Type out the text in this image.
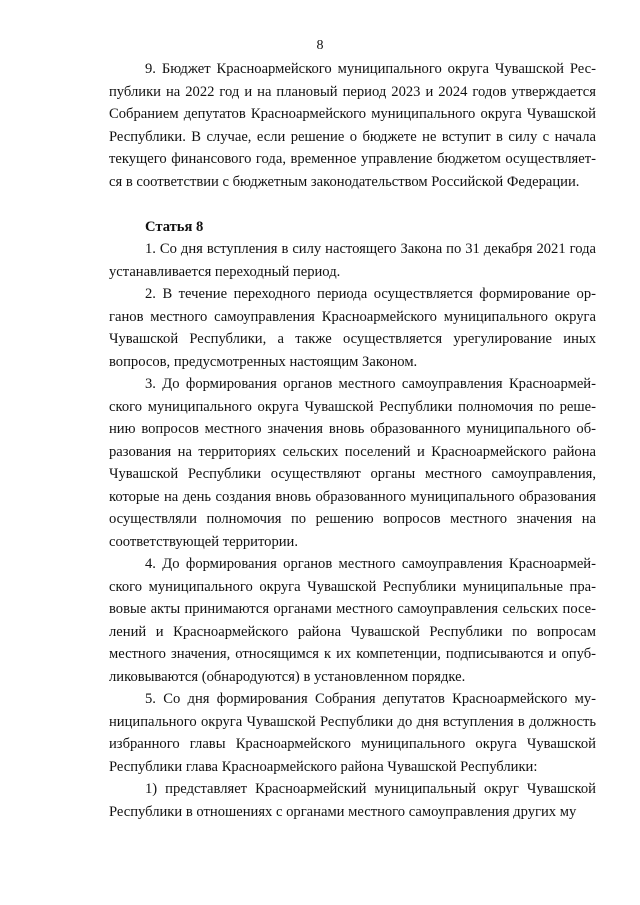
8

9. Бюджет Красноармейского муниципального округа Чувашской Республики на 2022 год и на плановый период 2023 и 2024 годов утверждается Собранием депутатов Красноармейского муниципального округа Чувашской Республики. В случае, если решение о бюджете не вступит в силу с начала текущего финансового года, временное управление бюджетом осуществляется в соответствии с бюджетным законодательством Российской Федерации.

Статья 8

1. Со дня вступления в силу настоящего Закона по 31 декабря 2021 года устанавливается переходный период.

2. В течение переходного периода осуществляется формирование органов местного самоуправления Красноармейского муниципального округа Чувашской Республики, а также осуществляется урегулирование иных вопросов, предусмотренных настоящим Законом.

3. До формирования органов местного самоуправления Красноармейского муниципального округа Чувашской Республики полномочия по решению вопросов местного значения вновь образованного муниципального образования на территориях сельских поселений и Красноармейского района Чувашской Республики осуществляют органы местного самоуправления, которые на день создания вновь образованного муниципального образования осуществляли полномочия по решению вопросов местного значения на соответствующей территории.

4. До формирования органов местного самоуправления Красноармейского муниципального округа Чувашской Республики муниципальные правовые акты принимаются органами местного самоуправления сельских поселений и Красноармейского района Чувашской Республики по вопросам местного значения, относящимся к их компетенции, подписываются и опубликовываются (обнародуются) в установленном порядке.

5. Со дня формирования Собрания депутатов Красноармейского муниципального округа Чувашской Республики до дня вступления в должность избранного главы Красноармейского муниципального округа Чувашской Республики глава Красноармейского района Чувашской Республики:

1) представляет Красноармейский муниципальный округ Чувашской Республики в отношениях с органами местного самоуправления других му
